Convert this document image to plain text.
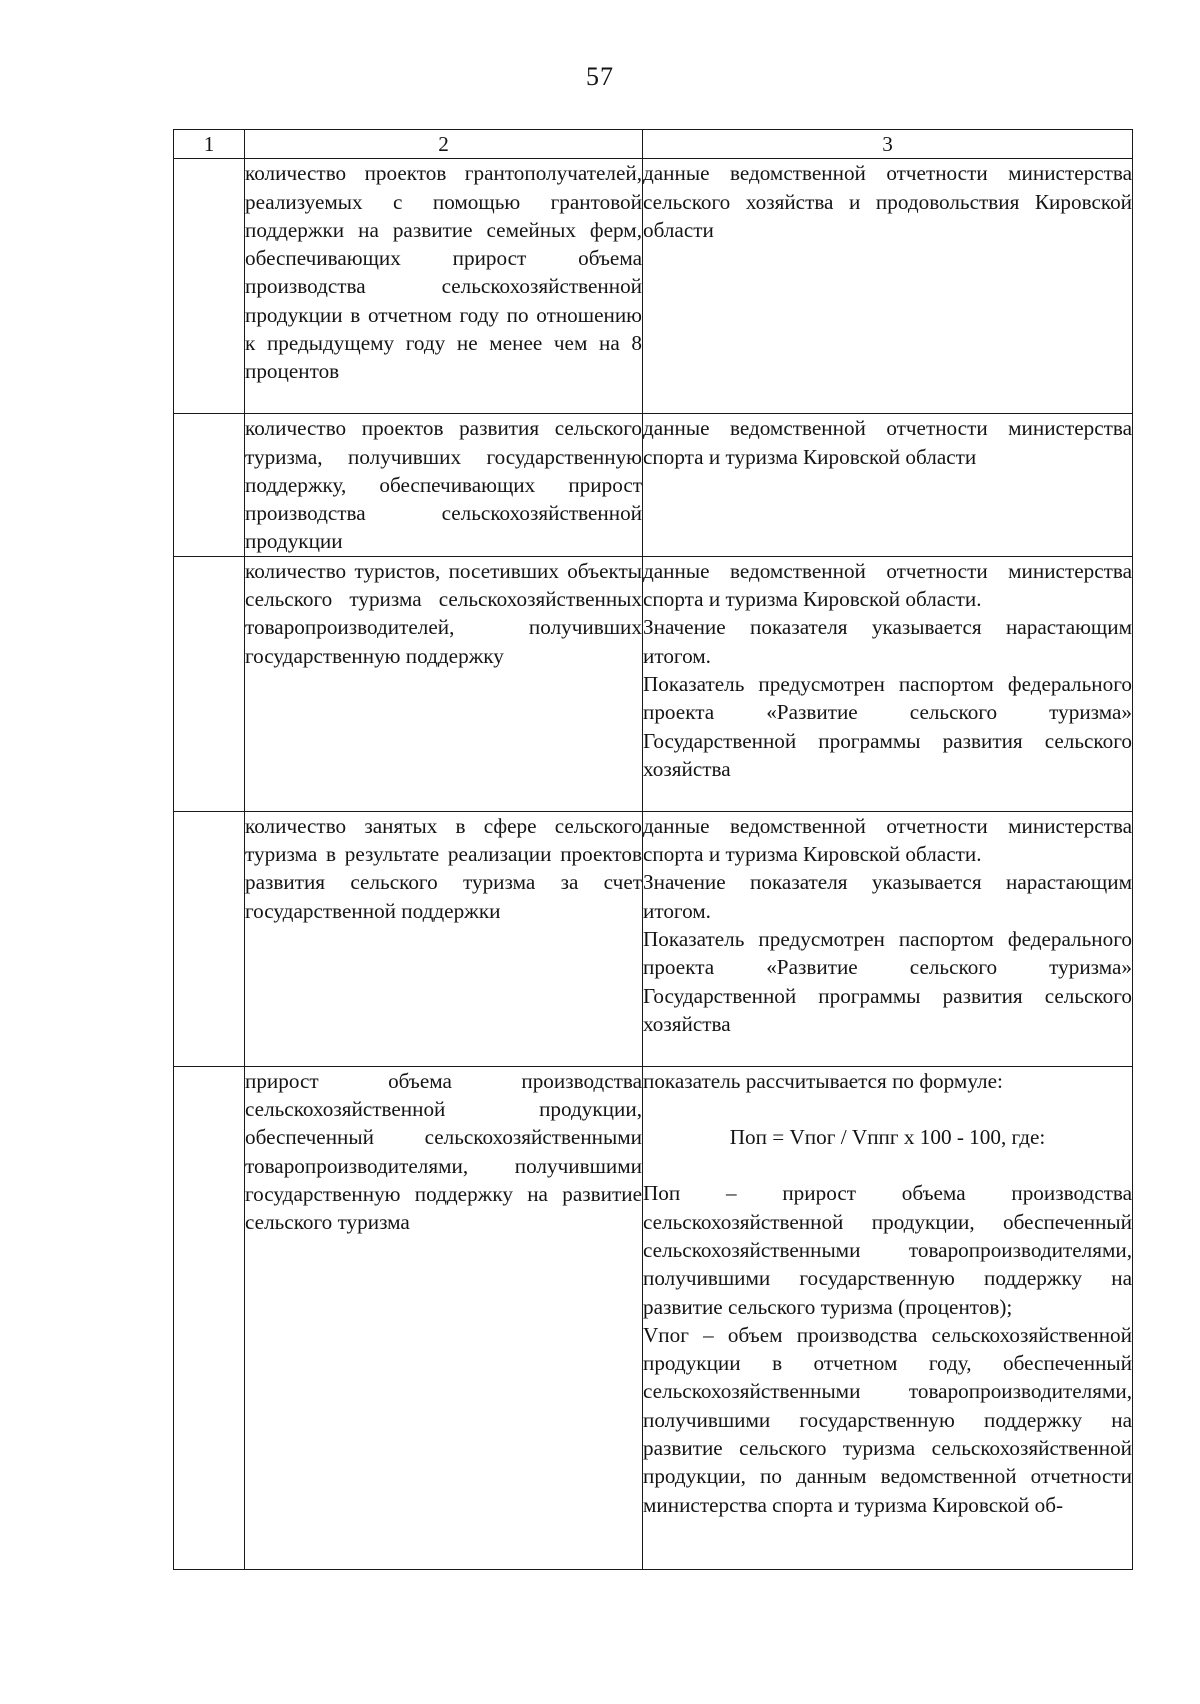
57
1	2	3

	количество проектов грантополучателей, реализуемых с помощью грантовой поддержки на развитие семейных ферм, обеспечивающих прирост объема производства сельскохозяйственной продукции в отчетном году по отношению к предыдущему году не менее чем на 8 процентов	данные ведомственной отчетности министерства сельского хозяйства и продовольствия Кировской области

	количество проектов развития сельского туризма, получивших государственную поддержку, обеспечивающих прирост производства сельскохозяйственной продукции	данные ведомственной отчетности министерства спорта и туризма Кировской области

	количество туристов, посетивших объекты сельского туризма сельскохозяйственных товаропроизводителей, получивших государственную поддержку	данные ведомственной отчетности министерства спорта и туризма Кировской области.

Значение показателя указывается нарастающим итогом.

Показатель предусмотрен паспортом федерального проекта «Развитие сельского туризма» Государственной программы развития сельского хозяйства

	количество занятых в сфере сельского туризма в результате реализации проектов развития сельского туризма за счет государственной поддержки	данные ведомственной отчетности министерства спорта и туризма Кировской области.

Значение показателя указывается нарастающим итогом.

Показатель предусмотрен паспортом федерального проекта «Развитие сельского туризма» Государственной программы развития сельского хозяйства

	прирост объема производства сельскохозяйственной продукции, обеспеченный сельскохозяйственными товаропроизводителями, получившими государственную поддержку на развитие сельского туризма	показатель рассчитывается по формуле:

Поп = Vпог / Vппг х 100 - 100, где:

Поп – прирост объема производства сельскохозяйственной продукции, обеспеченный сельскохозяйственными товаропроизводителями, получившими государственную поддержку на развитие сельского туризма (процентов);

Vпог – объем производства сельскохозяйственной продукции в отчетном году, обеспеченный сельскохозяйственными товаропроизводителями, получившими государственную поддержку на развитие сельского туризма сельскохозяйственной продукции, по данным ведомственной отчетности министерства спорта и туризма Кировской об-
